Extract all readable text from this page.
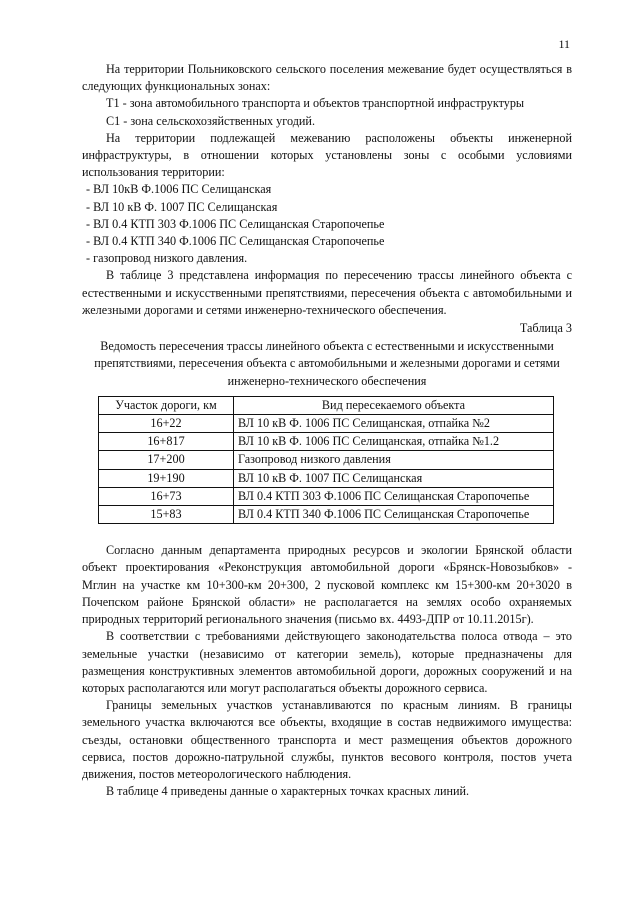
11

На территории Польниковского сельского поселения межевание будет осуществляться в следующих функциональных зонах:

Т1 - зона автомобильного транспорта и объектов транспортной инфраструктуры

С1 - зона сельскохозяйственных угодий.

На территории подлежащей межеванию расположены объекты инженерной инфраструктуры, в отношении которых установлены зоны с особыми условиями использования территории:

- ВЛ 10кВ Ф.1006 ПС Селищанская

- ВЛ 10 кВ Ф. 1007 ПС Селищанская

- ВЛ 0.4 КТП 303 Ф.1006 ПС Селищанская Старопочепье

- ВЛ 0.4 КТП 340 Ф.1006 ПС Селищанская Старопочепье

- газопровод низкого давления.

В таблице 3 представлена информация по пересечению трассы линейного объекта с естественными и искусственными препятствиями, пересечения объекта с автомобильными и железными дорогами и сетями инженерно-технического обеспечения.

Таблица 3

Ведомость пересечения трассы линейного объекта с естественными и искусственными препятствиями, пересечения объекта с автомобильными и железными дорогами и сетями инженерно-технического обеспечения

Участок дороги, км	Вид пересекаемого объекта
16+22	ВЛ 10 кВ Ф. 1006 ПС Селищанская, отпайка №2
16+817	ВЛ 10 кВ Ф. 1006 ПС Селищанская, отпайка №1.2
17+200	Газопровод низкого давления
19+190	ВЛ 10 кВ Ф. 1007 ПС Селищанская
16+73	ВЛ 0.4 КТП 303 Ф.1006 ПС Селищанская Старопочепье
15+83	ВЛ 0.4 КТП 340 Ф.1006 ПС Селищанская Старопочепье

Согласно данным департамента природных ресурсов и экологии Брянской области объект проектирования «Реконструкция автомобильной дороги «Брянск-Новозыбков» - Мглин на участке км 10+300-км 20+300, 2 пусковой комплекс км 15+300-км 20+3020 в Почепском районе Брянской области» не располагается на землях особо охраняемых природных территорий регионального значения (письмо вх. 4493-ДПР от 10.11.2015г).

В соответствии с требованиями действующего законодательства полоса отвода – это земельные участки (независимо от категории земель), которые предназначены для размещения конструктивных элементов автомобильной дороги, дорожных сооружений и на которых располагаются или могут располагаться объекты дорожного сервиса.

Границы земельных участков устанавливаются по красным линиям. В границы земельного участка включаются все объекты, входящие в состав недвижимого имущества: съезды, остановки общественного транспорта и мест размещения объектов дорожного сервиса, постов дорожно-патрульной службы, пунктов весового контроля, постов учета движения, постов метеорологического наблюдения.

В таблице 4 приведены данные о характерных точках красных линий.
